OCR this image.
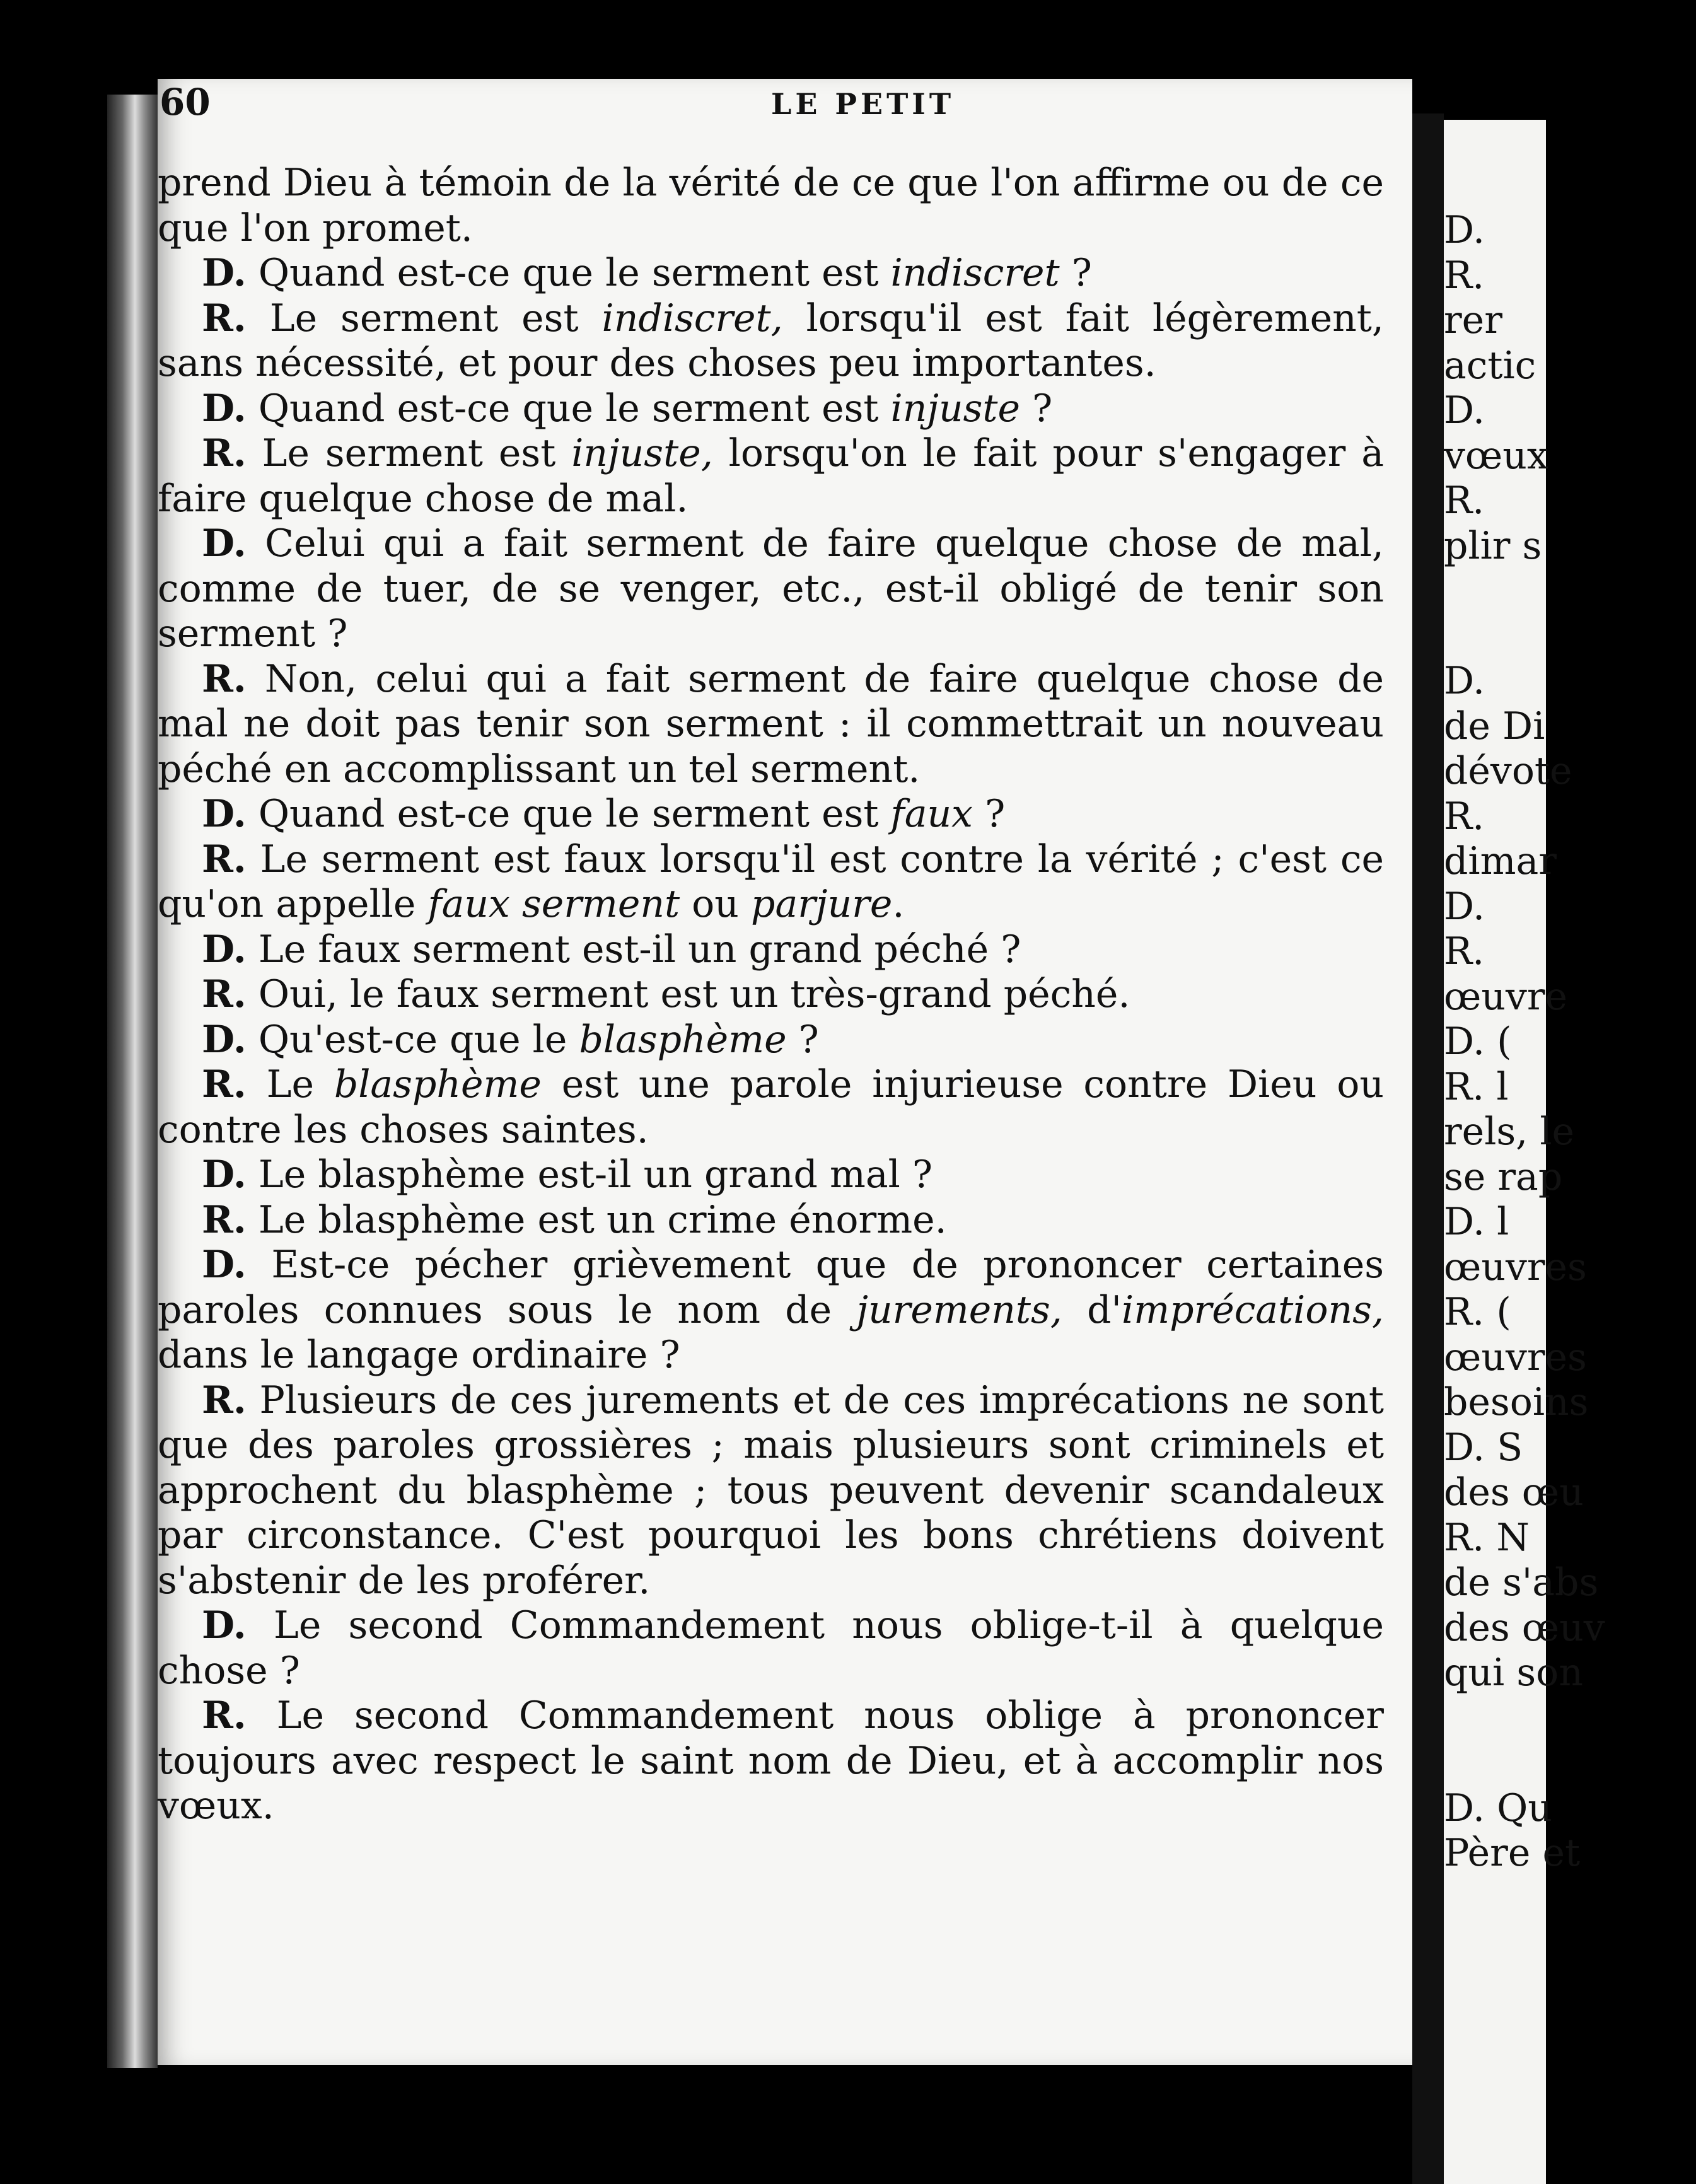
60	LE PETIT

prend Dieu à témoin de la vérité de ce que l'on affirme ou de ce que l'on promet.

D. Quand est-ce que le serment est indiscret ?

R. Le serment est indiscret, lorsqu'il est fait légèrement, sans nécessité, et pour des choses peu importantes.

D. Quand est-ce que le serment est injuste ?

R. Le serment est injuste, lorsqu'on le fait pour s'engager à faire quelque chose de mal.

D. Celui qui a fait serment de faire quelque chose de mal, comme de tuer, de se venger, etc., est-il obligé de tenir son serment ?

R. Non, celui qui a fait serment de faire quelque chose de mal ne doit pas tenir son serment : il commettrait un nouveau péché en accomplissant un tel serment.

D. Quand est-ce que le serment est faux ?

R. Le serment est faux lorsqu'il est contre la vérité ; c'est ce qu'on appelle faux serment ou parjure.

D. Le faux serment est-il un grand péché ?

R. Oui, le faux serment est un très-grand péché.

D. Qu'est-ce que le blasphème ?

R. Le blasphème est une parole injurieuse contre Dieu ou contre les choses saintes.

D. Le blasphème est-il un grand mal ?

R. Le blasphème est un crime énorme.

D. Est-ce pécher grièvement que de prononcer certaines paroles connues sous le nom de jurements, d'imprécations, dans le langage ordinaire ?

R. Plusieurs de ces jurements et de ces imprécations ne sont que des paroles grossières ; mais plusieurs sont criminels et approchent du blasphème ; tous peuvent devenir scandaleux par circonstance. C'est pourquoi les bons chrétiens doivent s'abstenir de les proférer.

D. Le second Commandement nous oblige-t-il à quelque chose ?

R. Le second Commandement nous oblige à prononcer toujours avec respect le saint nom de Dieu, et à accomplir nos vœux.

D.
R.
rer
actic
D.
vœux
R.
plir s
D.
de Di
dévote
R.
dimar
D.
R.
œuvre
D. (
R. l
rels, le
se rap
D. l
œuvres
R. (
œuvres
besoins
D. S
des œu
R. N
de s'abs
des œuv
qui son
D. Qu
Père et
